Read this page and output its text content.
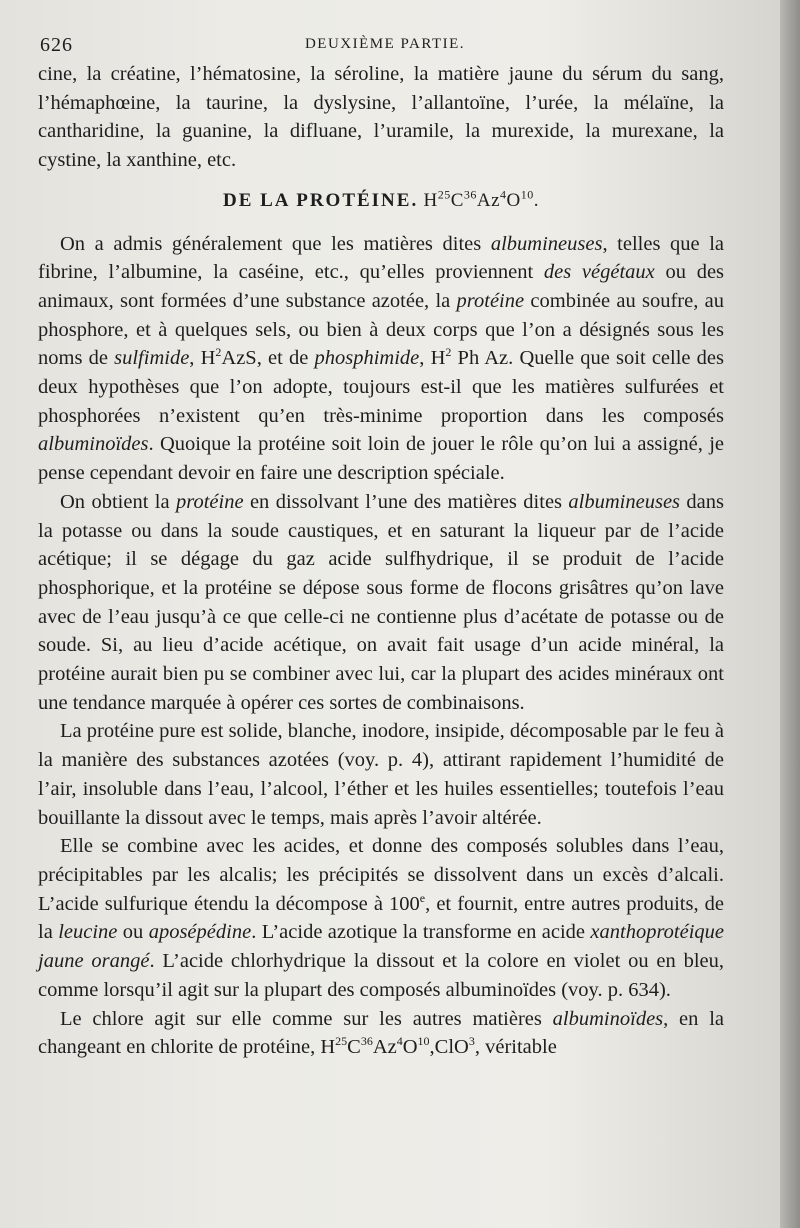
626	DEUXIÈME PARTIE.

cine, la créatine, l’hématosine, la séroline, la matière jaune du sérum du sang, l’hémaphœine, la taurine, la dyslysine, l’allantoïne, l’urée, la mélaïne, la cantharidine, la guanine, la difluane, l’uramile, la murexide, la murexane, la cystine, la xanthine, etc.

DE LA PROTÉINE. $H^{25}C^{36}Az^4O^{10}$.

On a admis généralement que les matières dites albumineuses, telles que la fibrine, l’albumine, la caséine, etc., qu’elles proviennent des végétaux ou des animaux, sont formées d’une substance azotée, la protéine combinée au soufre, au phosphore, et à quelques sels, ou bien à deux corps que l’on a désignés sous les noms de sulfimide, $H^2AzS$, et de phosphimide, $H^2$ Ph Az. Quelle que soit celle des deux hypothèses que l’on adopte, toujours est-il que les matières sulfurées et phosphorées n’existent qu’en très-minime proportion dans les composés albuminoïdes. Quoique la protéine soit loin de jouer le rôle qu’on lui a assigné, je pense cependant devoir en faire une description spéciale.

On obtient la protéine en dissolvant l’une des matières dites albumineuses dans la potasse ou dans la soude caustiques, et en saturant la liqueur par de l’acide acétique; il se dégage du gaz acide sulfhydrique, il se produit de l’acide phosphorique, et la protéine se dépose sous forme de flocons grisâtres qu’on lave avec de l’eau jusqu’à ce que celle-ci ne contienne plus d’acétate de potasse ou de soude. Si, au lieu d’acide acétique, on avait fait usage d’un acide minéral, la protéine aurait bien pu se combiner avec lui, car la plupart des acides minéraux ont une tendance marquée à opérer ces sortes de combinaisons.

La protéine pure est solide, blanche, inodore, insipide, décomposable par le feu à la manière des substances azotées (voy. p. 4), attirant rapidement l’humidité de l’air, insoluble dans l’eau, l’alcool, l’éther et les huiles essentielles; toutefois l’eau bouillante la dissout avec le temps, mais après l’avoir altérée.

Elle se combine avec les acides, et donne des composés solubles dans l’eau, précipitables par les alcalis; les précipités se dissolvent dans un excès d’alcali. L’acide sulfurique étendu la décompose à 100e, et fournit, entre autres produits, de la leucine ou aposépédine. L’acide azotique la transforme en acide xanthoprotéique jaune orangé. L’acide chlorhydrique la dissout et la colore en violet ou en bleu, comme lorsqu’il agit sur la plupart des composés albuminoïdes (voy. p. 634).

Le chlore agit sur elle comme sur les autres matières albuminoïdes, en la changeant en chlorite de protéine, $H^{25}C^{36}Az^4O^{10},ClO^3$, véritable
